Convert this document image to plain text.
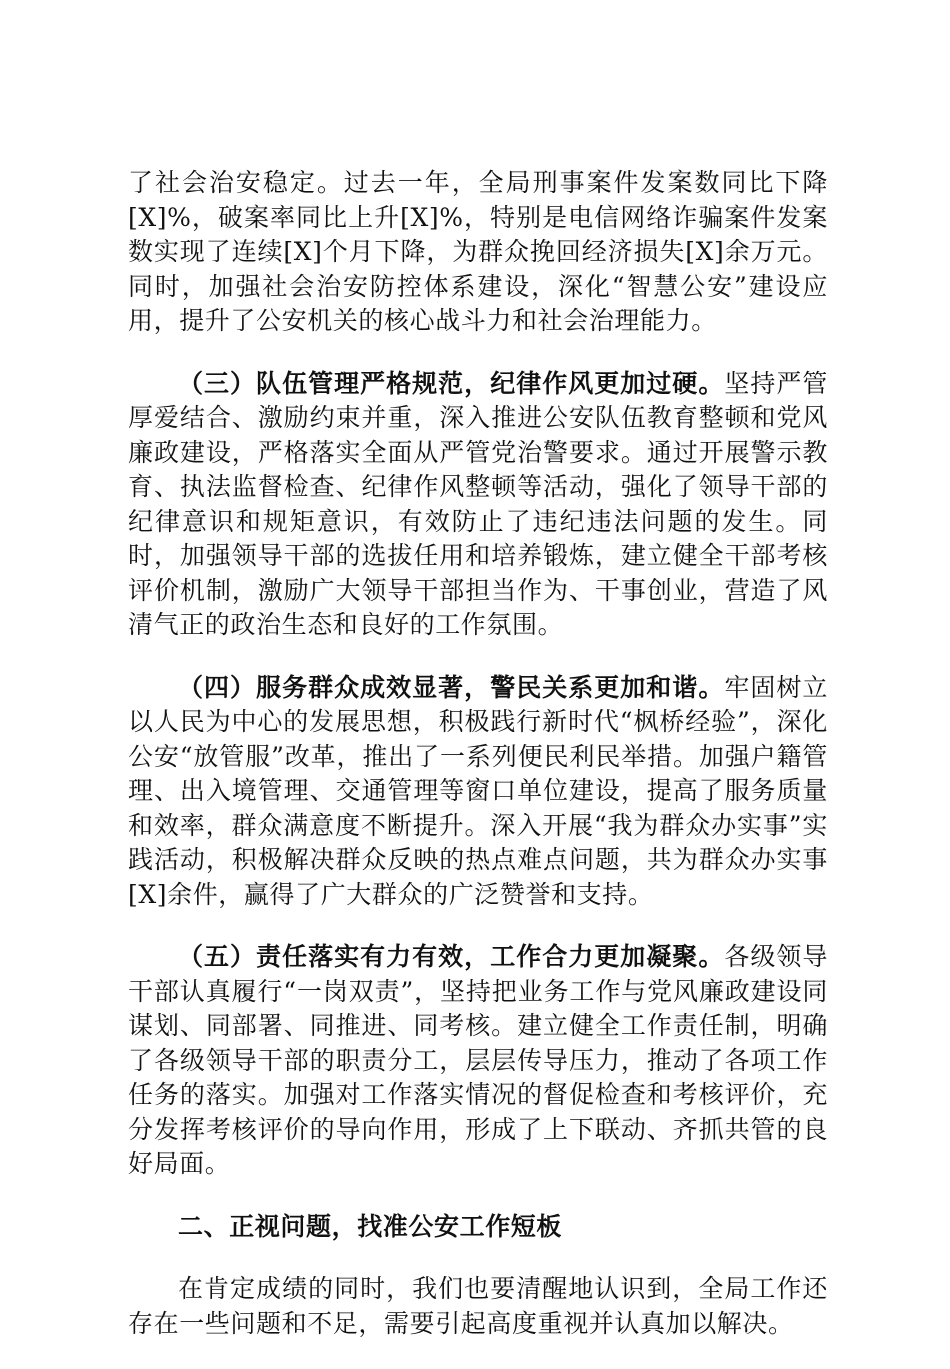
了社会治安稳定。过去一年，全局刑事案件发案数同比下降[X]%，破案率同比上升[X]%，特别是电信网络诈骗案件发案数实现了连续[X]个月下降，为群众挽回经济损失[X]余万元。同时，加强社会治安防控体系建设，深化“智慧公安”建设应用，提升了公安机关的核心战斗力和社会治理能力。

（三）队伍管理严格规范，纪律作风更加过硬。坚持严管厚爱结合、激励约束并重，深入推进公安队伍教育整顿和党风廉政建设，严格落实全面从严管党治警要求。通过开展警示教育、执法监督检查、纪律作风整顿等活动，强化了领导干部的纪律意识和规矩意识，有效防止了违纪违法问题的发生。同时，加强领导干部的选拔任用和培养锻炼，建立健全干部考核评价机制，激励广大领导干部担当作为、干事创业，营造了风清气正的政治生态和良好的工作氛围。

（四）服务群众成效显著，警民关系更加和谐。牢固树立以人民为中心的发展思想，积极践行新时代“枫桥经验”，深化公安“放管服”改革，推出了一系列便民利民举措。加强户籍管理、出入境管理、交通管理等窗口单位建设，提高了服务质量和效率，群众满意度不断提升。深入开展“我为群众办实事”实践活动，积极解决群众反映的热点难点问题，共为群众办实事[X]余件，赢得了广大群众的广泛赞誉和支持。

（五）责任落实有力有效，工作合力更加凝聚。各级领导干部认真履行“一岗双责”，坚持把业务工作与党风廉政建设同谋划、同部署、同推进、同考核。建立健全工作责任制，明确了各级领导干部的职责分工，层层传导压力，推动了各项工作任务的落实。加强对工作落实情况的督促检查和考核评价，充分发挥考核评价的导向作用，形成了上下联动、齐抓共管的良好局面。

二、正视问题，找准公安工作短板

在肯定成绩的同时，我们也要清醒地认识到，全局工作还存在一些问题和不足，需要引起高度重视并认真加以解决。
